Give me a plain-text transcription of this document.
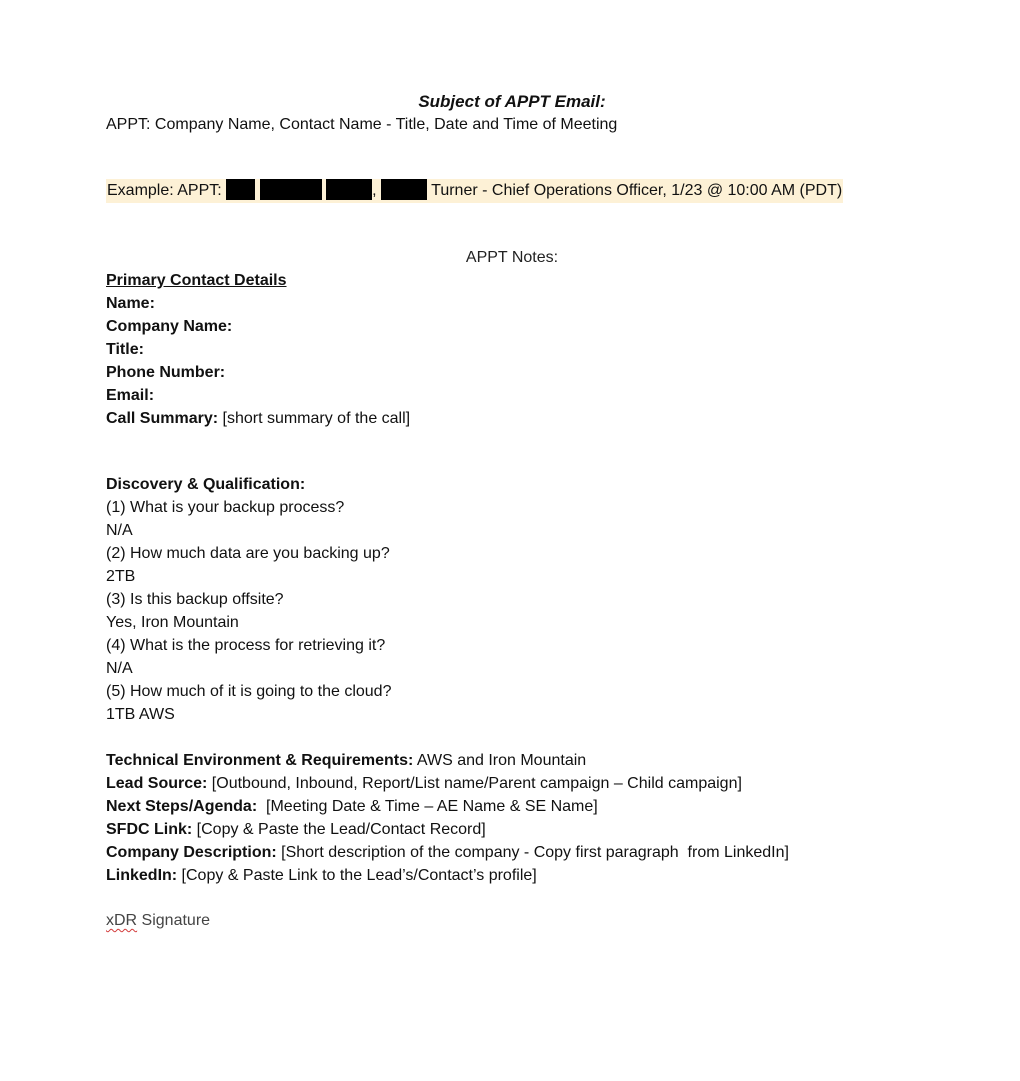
Subject of APPT Email:
APPT: Company Name, Contact Name - Title, Date and Time of Meeting
Example: APPT:	,	Turner - Chief Operations Officer, 1/23 @ 10:00 AM (PDT)
APPT Notes:
Primary Contact Details
Name:
Company Name:
Title:
Phone Number:
Email:
Call Summary: [short summary of the call]
Discovery & Qualification:
(1) What is your backup process?
N/A
(2) How much data are you backing up?
2TB
(3) Is this backup offsite?
Yes, Iron Mountain
(4) What is the process for retrieving it?
N/A
(5) How much of it is going to the cloud?
1TB AWS
Technical Environment & Requirements: AWS and Iron Mountain
Lead Source: [Outbound, Inbound, Report/List name/Parent campaign – Child campaign]
Next Steps/Agenda:  [Meeting Date & Time – AE Name & SE Name]
SFDC Link: [Copy & Paste the Lead/Contact Record]
Company Description: [Short description of the company - Copy first paragraph  from LinkedIn]
LinkedIn: [Copy & Paste Link to the Lead’s/Contact’s profile]
xDR Signature
